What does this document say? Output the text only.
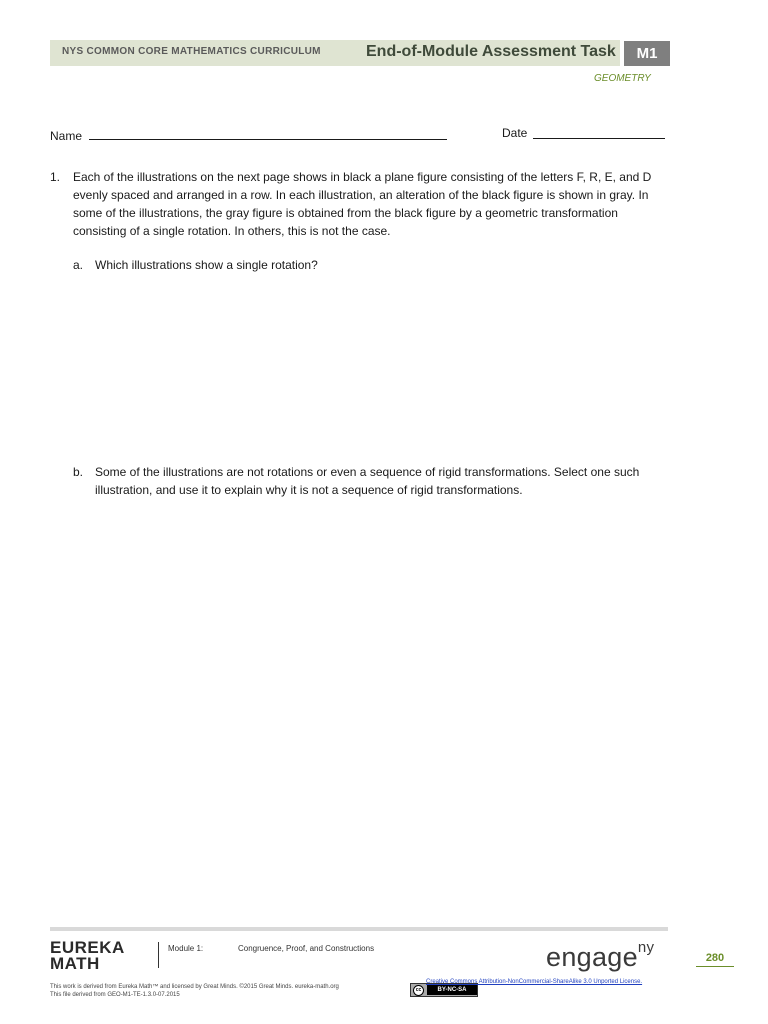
NYS COMMON CORE MATHEMATICS CURRICULUM	End-of-Module Assessment Task	M1
GEOMETRY
Name	Date
1. Each of the illustrations on the next page shows in black a plane figure consisting of the letters F, R, E, and D evenly spaced and arranged in a row. In each illustration, an alteration of the black figure is shown in gray. In some of the illustrations, the gray figure is obtained from the black figure by a geometric transformation consisting of a single rotation. In others, this is not the case.
a. Which illustrations show a single rotation?
b. Some of the illustrations are not rotations or even a sequence of rigid transformations. Select one such illustration, and use it to explain why it is not a sequence of rigid transformations.
EUREKA
MATH
Module 1:	Congruence, Proof, and Constructions	engage$^{ny}$
280
This work is derived from Eureka Math™ and licensed by Great Minds. ©2015 Great Minds. eureka-math.org
This file derived from GEO-M1-TE-1.3.0-07.2015
cc	BY-NC-SA
Creative Commons Attribution-NonCommercial-ShareAlike 3.0 Unported License.
